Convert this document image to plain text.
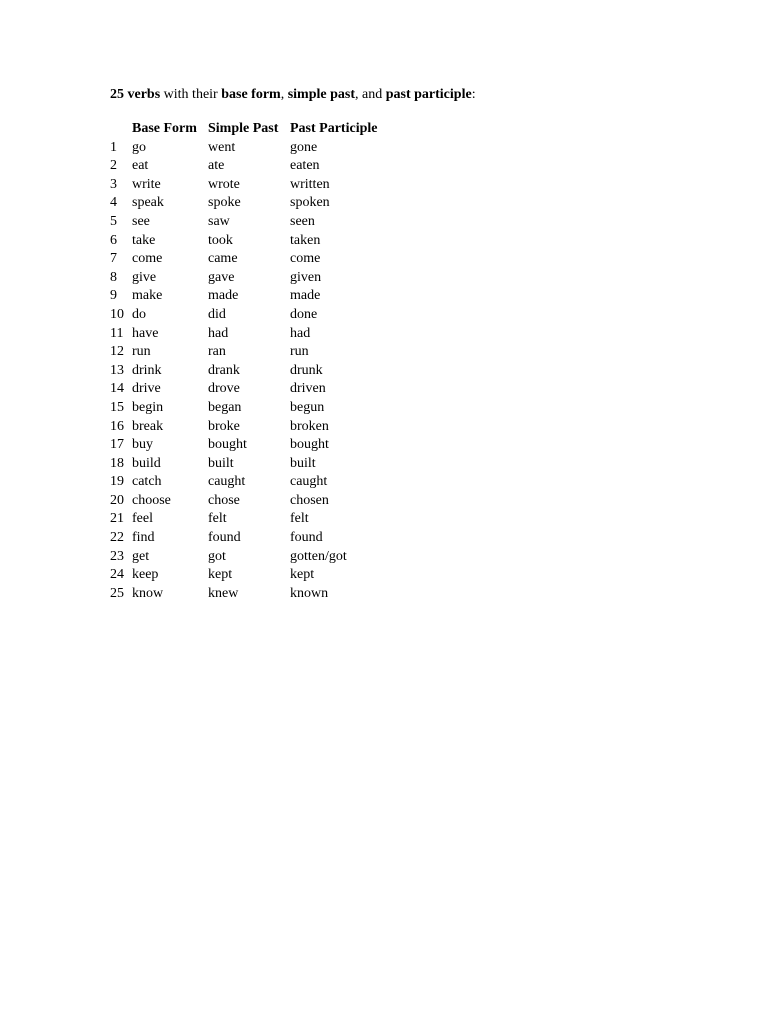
25 verbs with their base form, simple past, and past participle:

	Base Form	Simple Past	Past Participle
1	go	went	gone
2	eat	ate	eaten
3	write	wrote	written
4	speak	spoke	spoken
5	see	saw	seen
6	take	took	taken
7	come	came	come
8	give	gave	given
9	make	made	made
10	do	did	done
11	have	had	had
12	run	ran	run
13	drink	drank	drunk
14	drive	drove	driven
15	begin	began	begun
16	break	broke	broken
17	buy	bought	bought
18	build	built	built
19	catch	caught	caught
20	choose	chose	chosen
21	feel	felt	felt
22	find	found	found
23	get	got	gotten/got
24	keep	kept	kept
25	know	knew	known
